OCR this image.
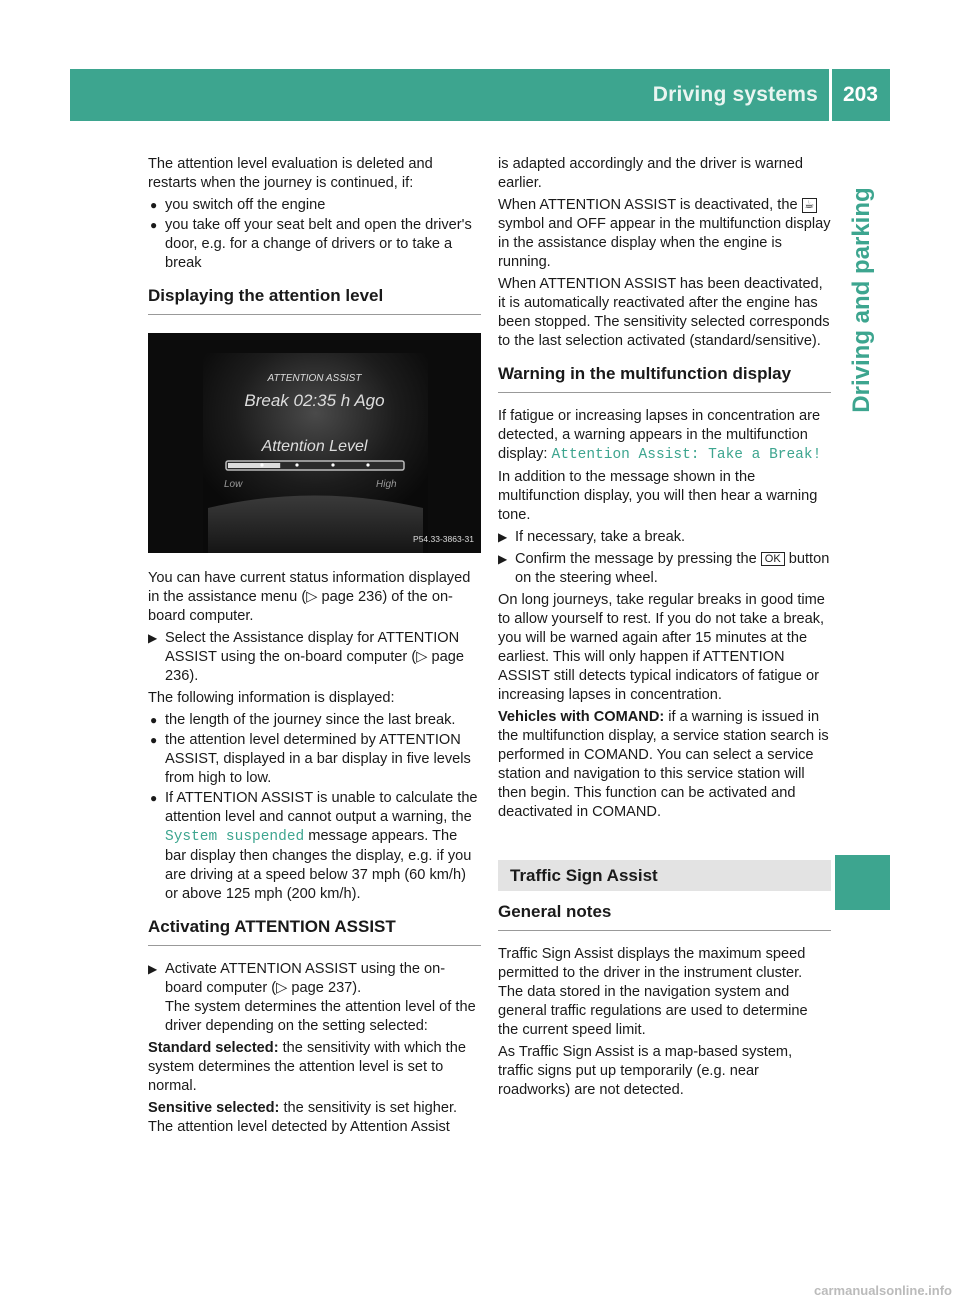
Driving systems 203
Driving and parking

The attention level evaluation is deleted and restarts when the journey is continued, if:

● you switch off the engine
● you take off your seat belt and open the driver's door, e.g. for a change of drivers or to take a break
Displaying the attention level
ATTENTION ASSIST
Break 02:35 h Ago
Attention Level
Low	High
P54.33-3863-31

You can have current status information displayed in the assistance menu (▷ page 236) of the on-board computer.

▶ Select the Assistance display for ATTENTION ASSIST using the on-board computer (▷ page 236).

The following information is displayed:

● the length of the journey since the last break.
● the attention level determined by ATTENTION ASSIST, displayed in a bar display in five levels from high to low.
● If ATTENTION ASSIST is unable to calculate the attention level and cannot output a warning, the System suspended message appears. The bar display then changes the display, e.g. if you are driving at a speed below 37 mph (60 km/h) or above 125 mph (200 km/h).
Activating ATTENTION ASSIST
▶ Activate ATTENTION ASSIST using the on-board computer (▷ page 237).
The system determines the attention level of the driver depending on the setting selected:

Standard selected: the sensitivity with which the system determines the attention level is set to normal.

Sensitive selected: the sensitivity is set higher. The attention level detected by Attention Assist

is adapted accordingly and the driver is warned earlier.

When ATTENTION ASSIST is deactivated, the ☕ symbol and OFF appear in the multifunction display in the assistance display when the engine is running.

When ATTENTION ASSIST has been deactivated, it is automatically reactivated after the engine has been stopped. The sensitivity selected corresponds to the last selection activated (standard/sensitive).

Warning in the multifunction display

If fatigue or increasing lapses in concentration are detected, a warning appears in the multifunction display: Attention Assist: Take a Break!

In addition to the message shown in the multifunction display, you will then hear a warning tone.

▶ If necessary, take a break.
▶ Confirm the message by pressing the OK button on the steering wheel.

On long journeys, take regular breaks in good time to allow yourself to rest. If you do not take a break, you will be warned again after 15 minutes at the earliest. This will only happen if ATTENTION ASSIST still detects typical indicators of fatigue or increasing lapses in concentration.

Vehicles with COMAND: if a warning is issued in the multifunction display, a service station search is performed in COMAND. You can select a service station and navigation to this service station will then begin. This function can be activated and deactivated in COMAND.

Traffic Sign Assist
General notes

Traffic Sign Assist displays the maximum speed permitted to the driver in the instrument cluster. The data stored in the navigation system and general traffic regulations are used to determine the current speed limit.

As Traffic Sign Assist is a map-based system, traffic signs put up temporarily (e.g. near roadworks) are not detected.

carmanualsonline.info
